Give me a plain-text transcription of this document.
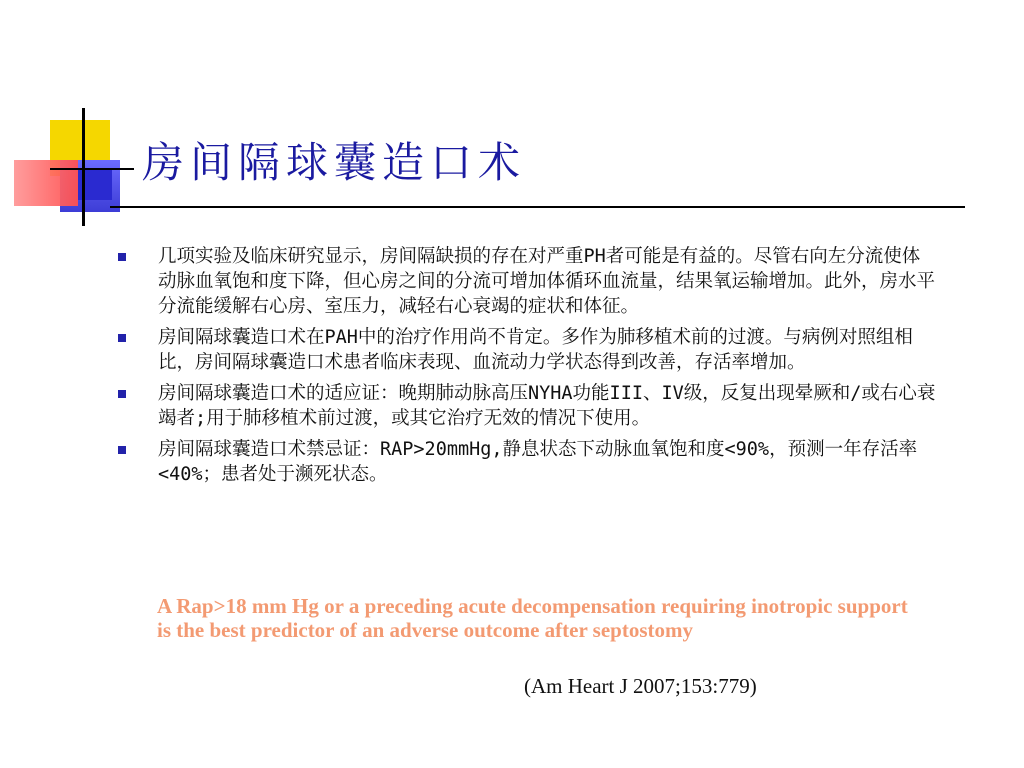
房间隔球囊造口术
几项实验及临床研究显示，房间隔缺损的存在对严重PH者可能是有益的。尽管右向左分流使体动脉血氧饱和度下降，但心房之间的分流可增加体循环血流量，结果氧运输增加。此外，房水平分流能缓解右心房、室压力，减轻右心衰竭的症状和体征。
房间隔球囊造口术在PAH中的治疗作用尚不肯定。多作为肺移植术前的过渡。与病例对照组相比，房间隔球囊造口术患者临床表现、血流动力学状态得到改善，存活率增加。
房间隔球囊造口术的适应证：晚期肺动脉高压NYHA功能III、IV级，反复出现晕厥和/或右心衰竭者;用于肺移植术前过渡，或其它治疗无效的情况下使用。
房间隔球囊造口术禁忌证：RAP>20mmHg,静息状态下动脉血氧饱和度<90%，预测一年存活率<40%；患者处于濒死状态。

A Rap>18 mm Hg or a preceding acute decompensation requiring inotropic support is the best predictor of an adverse outcome after septostomy

(Am Heart J 2007;153:779)
